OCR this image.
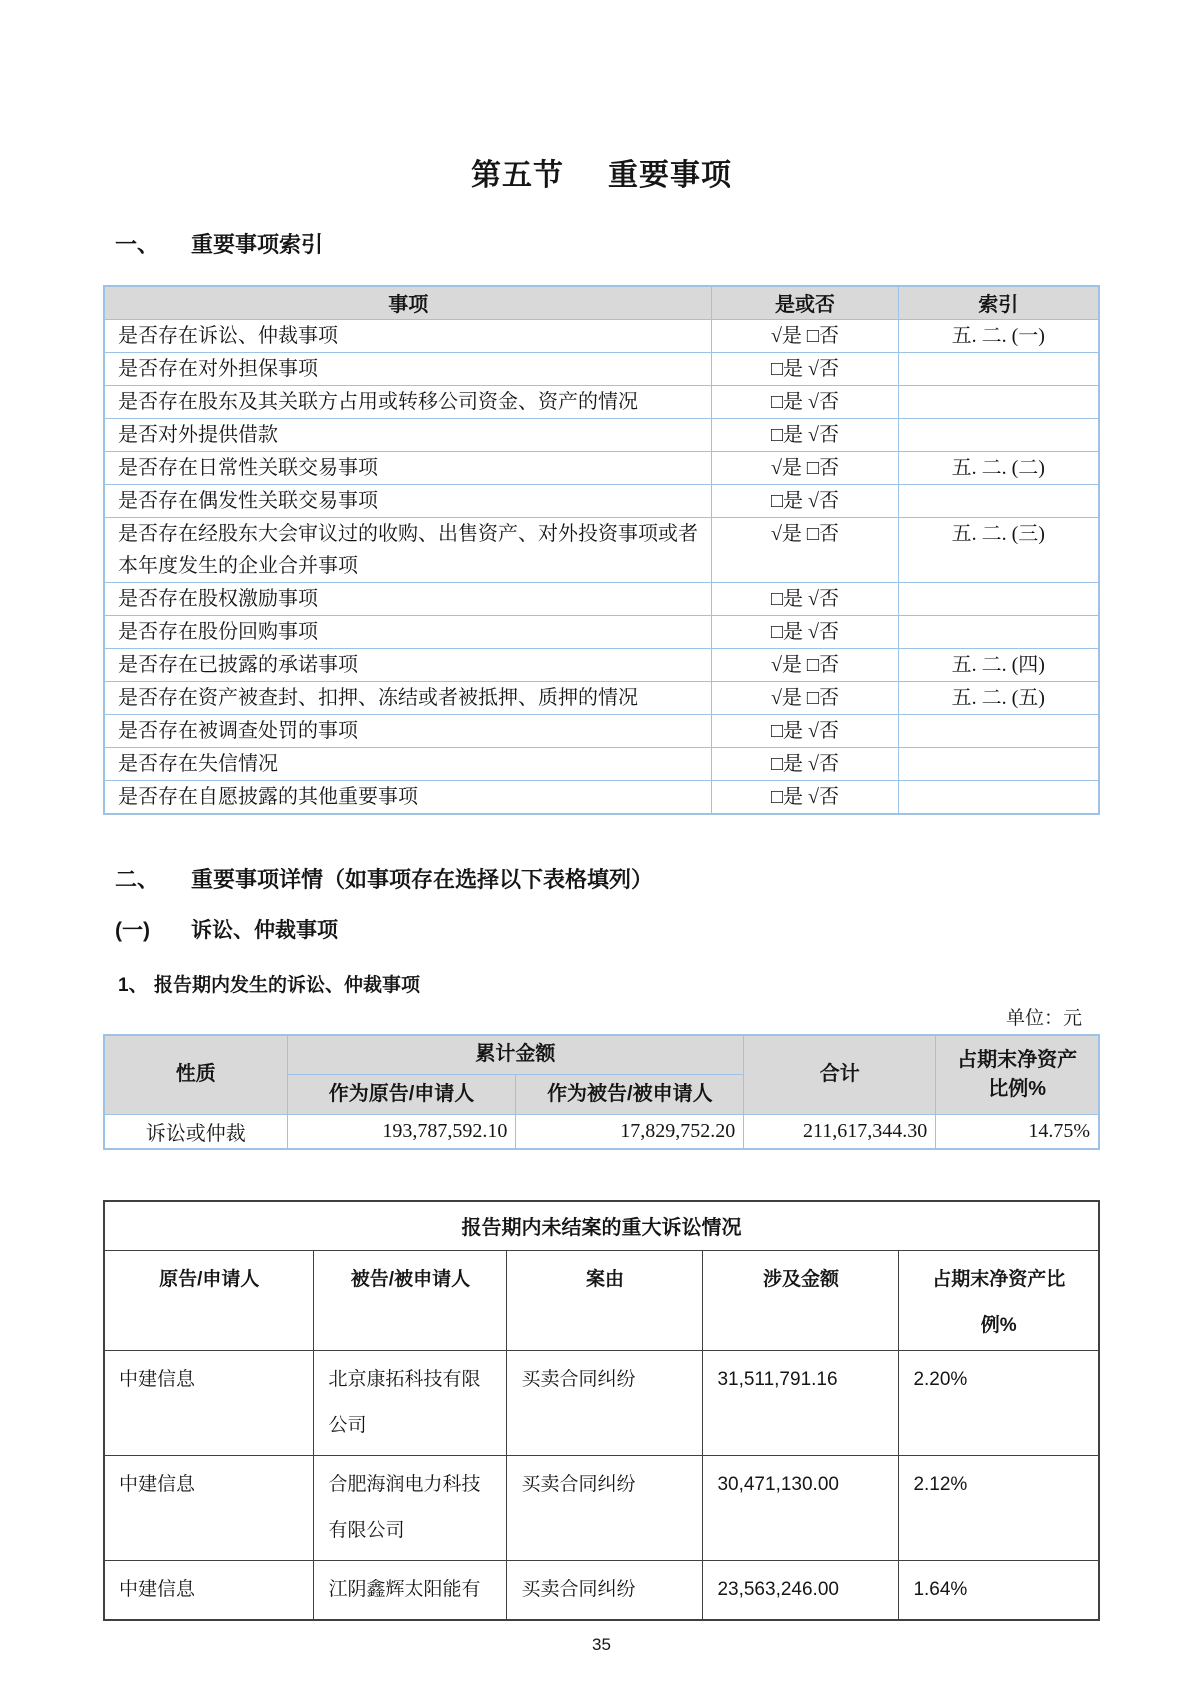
第五节 重要事项
一、	重要事项索引
事项	是或否	索引
是否存在诉讼、仲裁事项	√是 □否	五. 二. (一)
是否存在对外担保事项	□是 √否	
是否存在股东及其关联方占用或转移公司资金、资产的情况	□是 √否	
是否对外提供借款	□是 √否	
是否存在日常性关联交易事项	√是 □否	五. 二. (二)
是否存在偶发性关联交易事项	□是 √否	
是否存在经股东大会审议过的收购、出售资产、对外投资事项或者本年度发生的企业合并事项	√是 □否	五. 二. (三)
是否存在股权激励事项	□是 √否	
是否存在股份回购事项	□是 √否	
是否存在已披露的承诺事项	√是 □否	五. 二. (四)
是否存在资产被查封、扣押、冻结或者被抵押、质押的情况	√是 □否	五. 二. (五)
是否存在被调查处罚的事项	□是 √否	
是否存在失信情况	□是 √否	
是否存在自愿披露的其他重要事项	□是 √否	
二、	重要事项详情（如事项存在选择以下表格填列）
(一)	诉讼、仲裁事项
1、 报告期内发生的诉讼、仲裁事项
单位：元
性质	累计金额		合计	占期末净资产比例%
	作为原告/申请人	作为被告/被申请人		
诉讼或仲裁	193,787,592.10	17,829,752.20	211,617,344.30	14.75%
报告期内未结案的重大诉讼情况				
原告/申请人	被告/被申请人	案由	涉及金额	占期末净资产比例%
中建信息	北京康拓科技有限公司	买卖合同纠纷	31,511,791.16	2.20%
中建信息	合肥海润电力科技有限公司	买卖合同纠纷	30,471,130.00	2.12%
中建信息	江阴鑫辉太阳能有	买卖合同纠纷	23,563,246.00	1.64%
35
